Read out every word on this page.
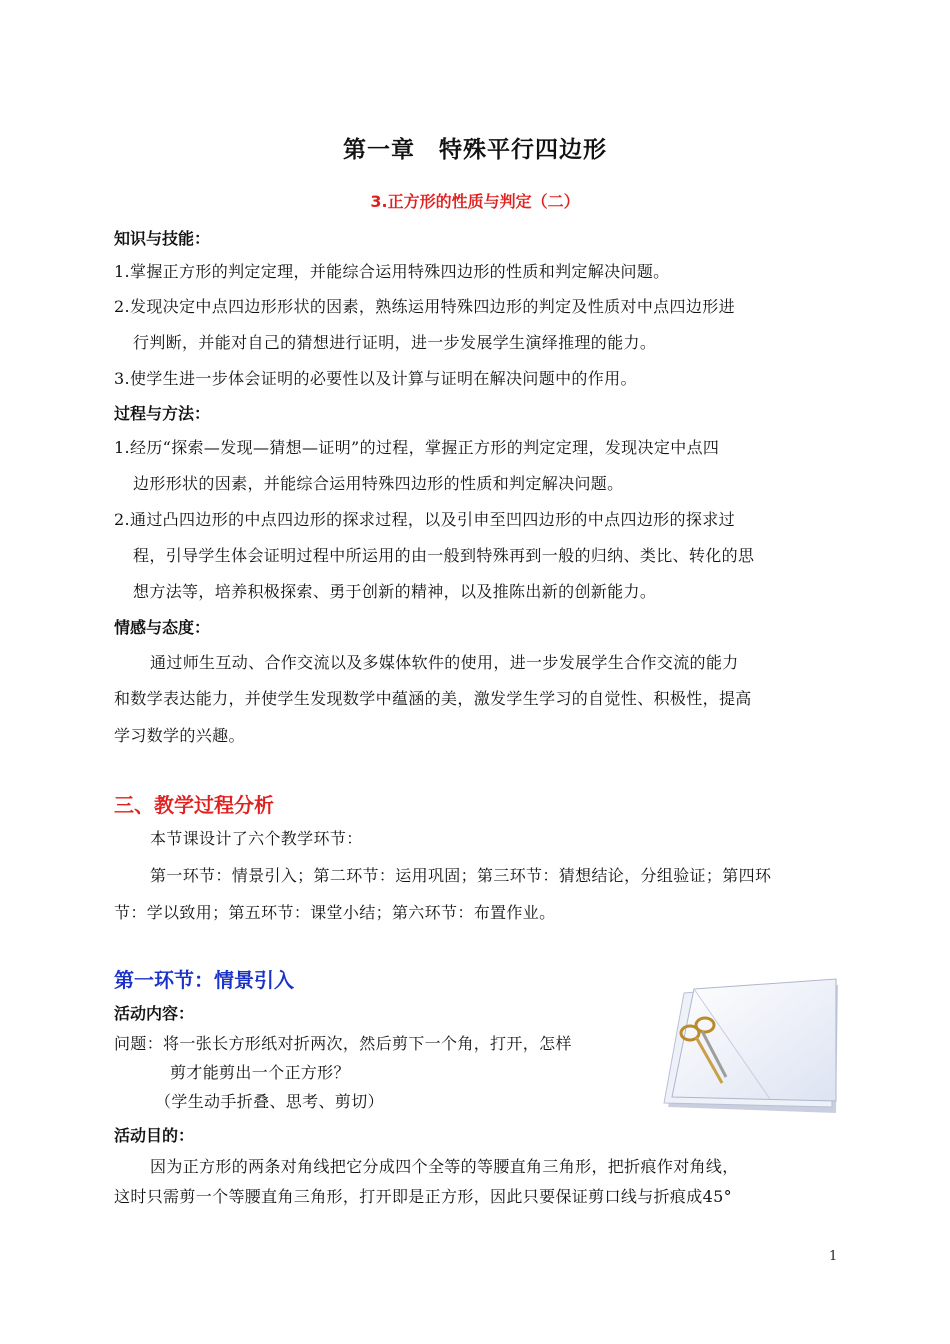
第一章　特殊平行四边形
3.正方形的性质与判定（二）
知识与技能：
1.掌握正方形的判定定理，并能综合运用特殊四边形的性质和判定解决问题。
2.发现决定中点四边形形状的因素，熟练运用特殊四边形的判定及性质对中点四边形进
行判断，并能对自己的猜想进行证明，进一步发展学生演绎推理的能力。
3.使学生进一步体会证明的必要性以及计算与证明在解决问题中的作用。
过程与方法：
1.经历“探索—发现—猜想—证明”的过程，掌握正方形的判定定理，发现决定中点四
边形形状的因素，并能综合运用特殊四边形的性质和判定解决问题。
2.通过凸四边形的中点四边形的探求过程，以及引申至凹四边形的中点四边形的探求过
程，引导学生体会证明过程中所运用的由一般到特殊再到一般的归纳、类比、转化的思
想方法等，培养积极探索、勇于创新的精神，以及推陈出新的创新能力。
情感与态度：
通过师生互动、合作交流以及多媒体软件的使用，进一步发展学生合作交流的能力
和数学表达能力，并使学生发现数学中蕴涵的美，激发学生学习的自觉性、积极性，提高
学习数学的兴趣。
三、教学过程分析
本节课设计了六个教学环节：
第一环节：情景引入；第二环节：运用巩固；第三环节：猜想结论，分组验证；第四环
节：学以致用；第五环节：课堂小结；第六环节：布置作业。
第一环节：情景引入
活动内容：
问题：将一张长方形纸对折两次，然后剪下一个角，打开，怎样
剪才能剪出一个正方形？
（学生动手折叠、思考、剪切）
活动目的：
因为正方形的两条对角线把它分成四个全等的等腰直角三角形，把折痕作对角线，
这时只需剪一个等腰直角三角形，打开即是正方形，因此只要保证剪口线与折痕成45°
1
